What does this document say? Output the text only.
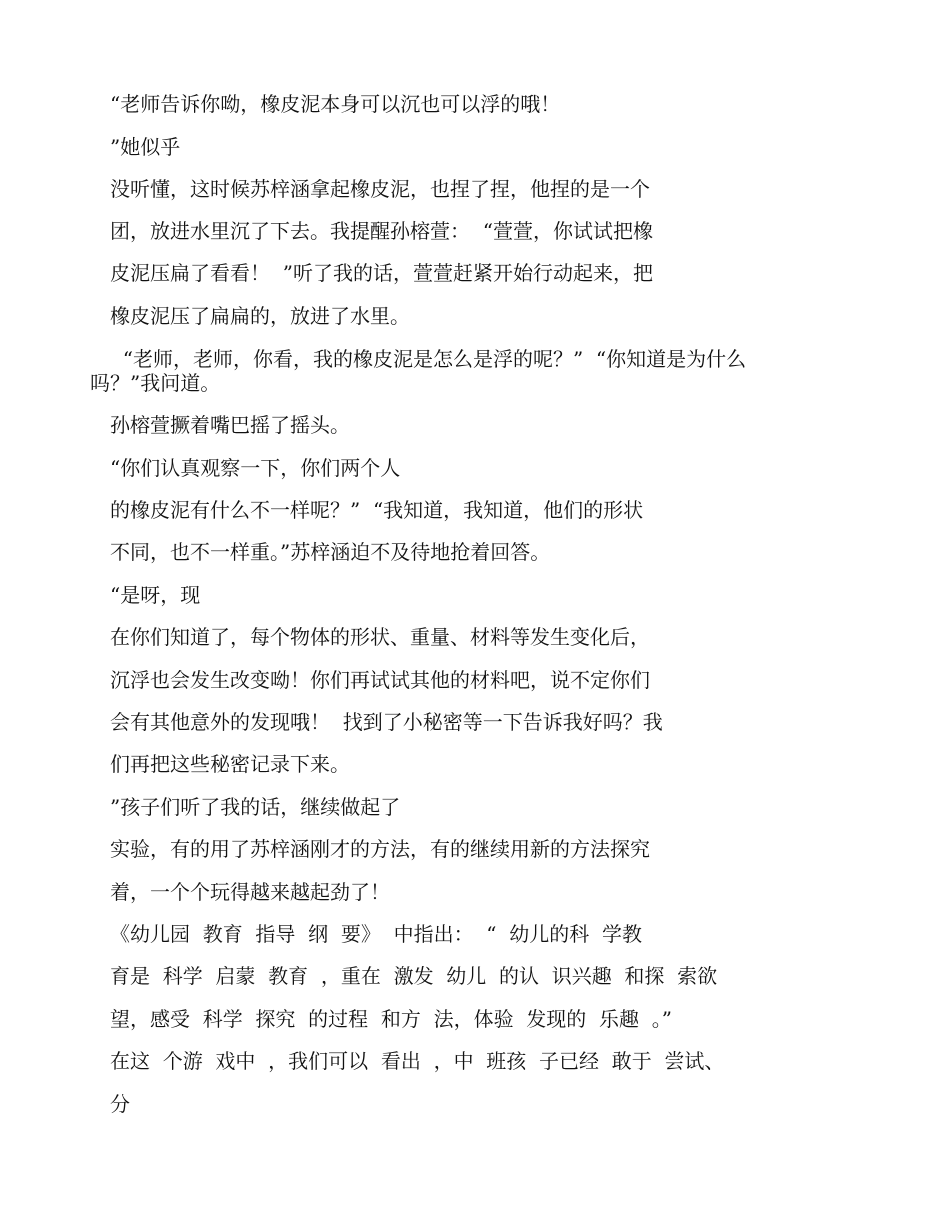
“老师告诉你呦，橡皮泥本身可以沉也可以浮的哦！
”她似乎
没听懂，这时候苏梓涵拿起橡皮泥，也捏了捏，他捏的是一个
团，放进水里沉了下去。我提醒孙榕萱：  “萱萱，你试试把橡
皮泥压扁了看看！  ”听了我的话，萱萱赶紧开始行动起来，把
橡皮泥压了扁扁的，放进了水里。
“老师，老师，你看，我的橡皮泥是怎么是浮的呢？”  “你知道是为什么
吗？”我问道。
孙榕萱撅着嘴巴摇了摇头。
“你们认真观察一下，你们两个人
的橡皮泥有什么不一样呢？”  “我知道，我知道，他们的形状
不同，也不一样重。”苏梓涵迫不及待地抢着回答。
“是呀，现
在你们知道了，每个物体的形状、重量、材料等发生变化后，
沉浮也会发生改变呦！你们再试试其他的材料吧，说不定你们
会有其他意外的发现哦！  找到了小秘密等一下告诉我好吗？我
们再把这些秘密记录下来。
”孩子们听了我的话，继续做起了
实验，有的用了苏梓涵刚才的方法，有的继续用新的方法探究
着，一个个玩得越来越起劲了！
《幼儿园  教育  指导  纲  要》  中指出：  “  幼儿的科  学教
育是  科学  启蒙  教育  ，重在  激发  幼儿  的认  识兴趣  和探  索欲
望，感受  科学  探究  的过程  和方  法，体验  发现的  乐趣  。”
在这  个游  戏中  ，我们可以  看出  ，中  班孩  子已经  敢于  尝试、
分
